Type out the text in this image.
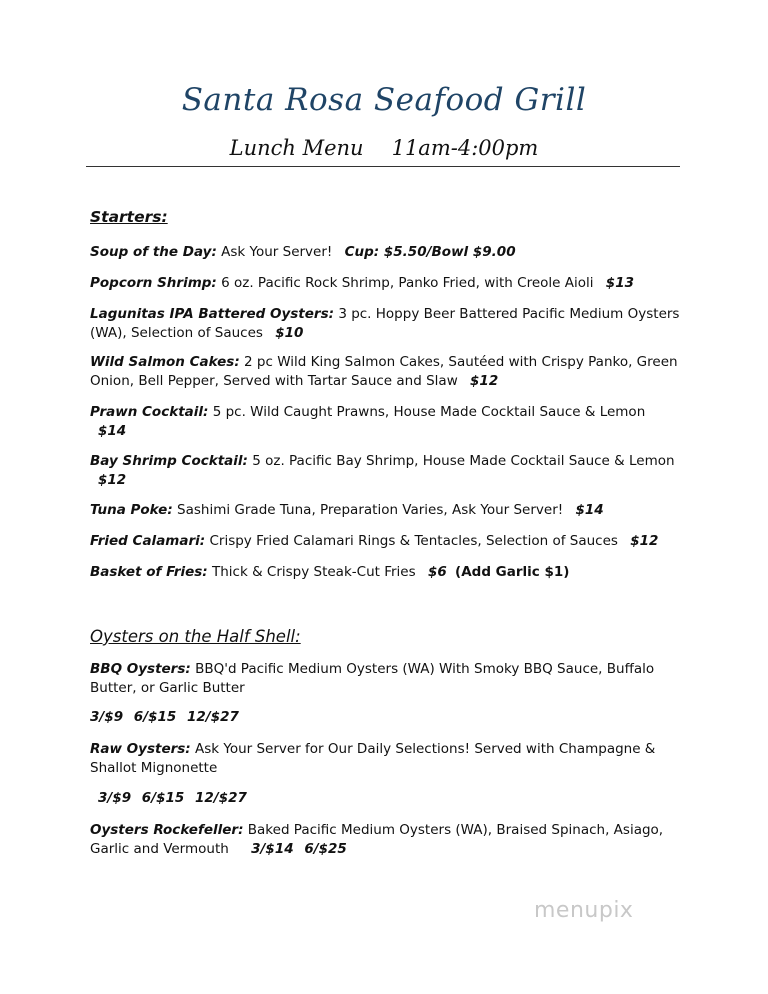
Santa Rosa Seafood Grill
Lunch Menu 11am-4:00pm
Starters:
Soup of the Day: Ask Your Server! Cup: $5.50/Bowl $9.00
Popcorn Shrimp: 6 oz. Pacific Rock Shrimp, Panko Fried, with Creole Aioli $13
Lagunitas IPA Battered Oysters: 3 pc. Hoppy Beer Battered Pacific Medium Oysters (WA), Selection of Sauces $10
Wild Salmon Cakes: 2 pc Wild King Salmon Cakes, Sautéed with Crispy Panko, Green Onion, Bell Pepper, Served with Tartar Sauce and Slaw $12
Prawn Cocktail: 5 pc. Wild Caught Prawns, House Made Cocktail Sauce & Lemon $14
Bay Shrimp Cocktail: 5 oz. Pacific Bay Shrimp, House Made Cocktail Sauce & Lemon $12
Tuna Poke: Sashimi Grade Tuna, Preparation Varies, Ask Your Server! $14
Fried Calamari: Crispy Fried Calamari Rings & Tentacles, Selection of Sauces $12
Basket of Fries: Thick & Crispy Steak-Cut Fries $6 (Add Garlic $1)
Oysters on the Half Shell:
BBQ Oysters: BBQ'd Pacific Medium Oysters (WA) With Smoky BBQ Sauce, Buffalo Butter, or Garlic Butter
3/$9 6/$15 12/$27
Raw Oysters: Ask Your Server for Our Daily Selections! Served with Champagne & Shallot Mignonette
3/$9 6/$15 12/$27
Oysters Rockefeller: Baked Pacific Medium Oysters (WA), Braised Spinach, Asiago, Garlic and Vermouth 3/$14 6/$25
menupix
